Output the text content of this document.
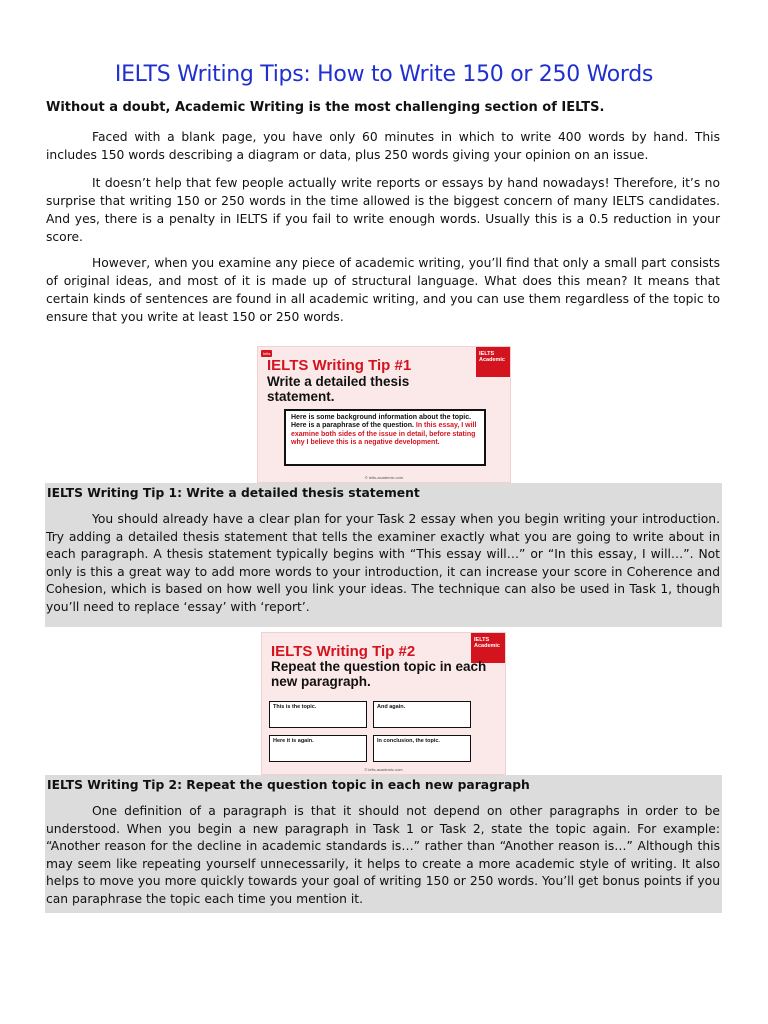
IELTS Writing Tips: How to Write 150 or 250 Words

Without a doubt, Academic Writing is the most challenging section of IELTS.

Faced with a blank page, you have only 60 minutes in which to write 400 words by hand. This includes 150 words describing a diagram or data, plus 250 words giving your opinion on an issue.

It doesn’t help that few people actually write reports or essays by hand nowadays! Therefore, it’s no surprise that writing 150 or 250 words in the time allowed is the biggest concern of many IELTS candidates. And yes, there is a penalty in IELTS if you fail to write enough words. Usually this is a 0.5 reduction in your score.

However, when you examine any piece of academic writing, you’ll find that only a small part consists of original ideas, and most of it is made up of structural language. What does this mean? It means that certain kinds of sentences are found in all academic writing, and you can use them regardless of the topic to ensure that you write at least 150 or 250 words.

Ielts	IELTS Academic
IELTS Writing Tip #1
Write a detailed thesis statement.
Here is some background information about the topic. Here is a paraphrase of the question. In this essay, I will examine both sides of the issue in detail, before stating why I believe this is a negative development.
© ielts-academic.com

IELTS Writing Tip 1: Write a detailed thesis statement

You should already have a clear plan for your Task 2 essay when you begin writing your introduction. Try adding a detailed thesis statement that tells the examiner exactly what you are going to write about in each paragraph. A thesis statement typically begins with “This essay will…” or “In this essay, I will…”. Not only is this a great way to add more words to your introduction, it can increase your score in Coherence and Cohesion, which is based on how well you link your ideas. The technique can also be used in Task 1, though you’ll need to replace ‘essay’ with ‘report’.

IELTS Academic
IELTS Writing Tip #2
Repeat the question topic in each new paragraph.
This is the topic.	And again.
Here it is again.	In conclusion, the topic.
© ielts-academic.com

IELTS Writing Tip 2: Repeat the question topic in each new paragraph

One definition of a paragraph is that it should not depend on other paragraphs in order to be understood. When you begin a new paragraph in Task 1 or Task 2, state the topic again. For example: “Another reason for the decline in academic standards is…” rather than “Another reason is…” Although this may seem like repeating yourself unnecessarily, it helps to create a more academic style of writing. It also helps to move you more quickly towards your goal of writing 150 or 250 words. You’ll get bonus points if you can paraphrase the topic each time you mention it.
